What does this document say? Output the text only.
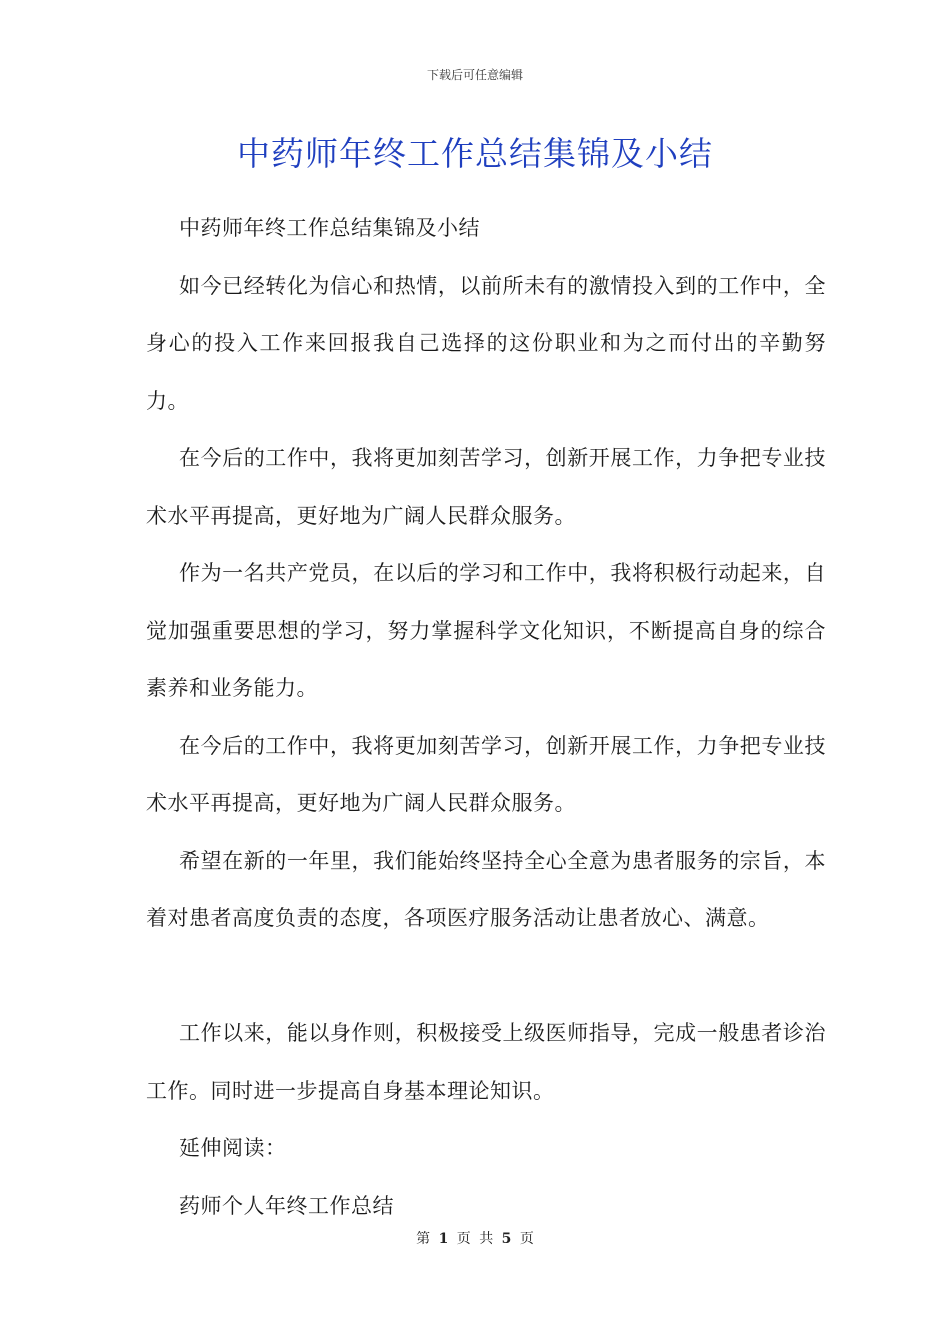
下载后可任意编辑
中药师年终工作总结集锦及小结

中药师年终工作总结集锦及小结

如今已经转化为信心和热情，以前所未有的激情投入到的工作中，全身心的投入工作来回报我自己选择的这份职业和为之而付出的辛勤努力。

在今后的工作中，我将更加刻苦学习，创新开展工作，力争把专业技术水平再提高，更好地为广阔人民群众服务。

作为一名共产党员，在以后的学习和工作中，我将积极行动起来，自觉加强重要思想的学习，努力掌握科学文化知识，不断提高自身的综合素养和业务能力。

在今后的工作中，我将更加刻苦学习，创新开展工作，力争把专业技术水平再提高，更好地为广阔人民群众服务。

希望在新的一年里，我们能始终坚持全心全意为患者服务的宗旨，本着对患者高度负责的态度，各项医疗服务活动让患者放心、满意。

工作以来，能以身作则，积极接受上级医师指导，完成一般患者诊治工作。同时进一步提高自身基本理论知识。

延伸阅读：

药师个人年终工作总结

第 1 页 共 5 页
